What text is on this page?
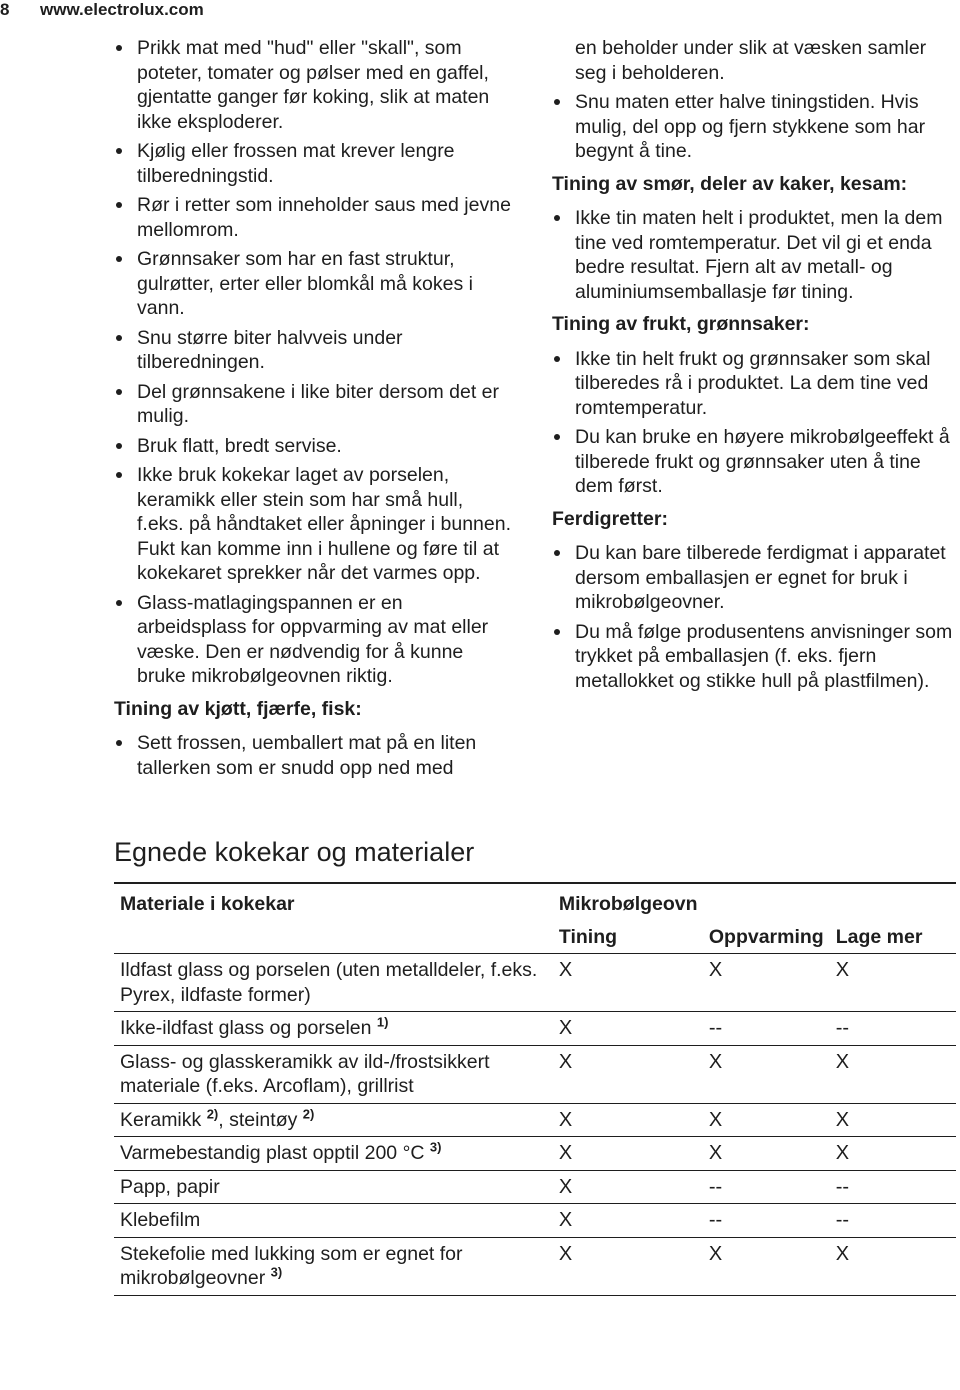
8 www.electrolux.com
Prikk mat med "hud" eller "skall", som poteter, tomater og pølser med en gaffel, gjentatte ganger før koking, slik at maten ikke eksploderer.
Kjølig eller frossen mat krever lengre tilberedningstid.
Rør i retter som inneholder saus med jevne mellomrom.
Grønnsaker som har en fast struktur, gulrøtter, erter eller blomkål må kokes i vann.
Snu større biter halvveis under tilberedningen.
Del grønnsakene i like biter dersom det er mulig.
Bruk flatt, bredt servise.
Ikke bruk kokekar laget av porselen, keramikk eller stein som har små hull, f.eks. på håndtaket eller åpninger i bunnen. Fukt kan komme inn i hullene og føre til at kokekaret sprekker når det varmes opp.
Glass-matlagingspannen er en arbeidsplass for oppvarming av mat eller væske. Den er nødvendig for å kunne bruke mikrobølgeovnen riktig.
Tining av kjøtt, fjærfe, fisk:
Sett frossen, uemballert mat på en liten tallerken som er snudd opp ned med
en beholder under slik at væsken samler seg i beholderen.
Snu maten etter halve tiningstiden. Hvis mulig, del opp og fjern stykkene som har begynt å tine.
Tining av smør, deler av kaker, kesam:
Ikke tin maten helt i produktet, men la dem tine ved romtemperatur. Det vil gi et enda bedre resultat. Fjern alt av metall- og aluminiumsemballasje før tining.
Tining av frukt, grønnsaker:
Ikke tin helt frukt og grønnsaker som skal tilberedes rå i produktet. La dem tine ved romtemperatur.
Du kan bruke en høyere mikrobølgeeffekt å tilberede frukt og grønnsaker uten å tine dem først.
Ferdigretter:
Du kan bare tilberede ferdigmat i apparatet dersom emballasjen er egnet for bruk i mikrobølgeovner.
Du må følge produsentens anvisninger som trykket på emballasjen (f. eks. fjern metallokket og stikke hull på plastfilmen).
Egnede kokekar og materialer
Materiale i kokekar	Mikrobølgeovn		
	Tining	Oppvarming	Lage mer
Ildfast glass og porselen (uten metalldeler, f.eks. Pyrex, ildfaste former)	X	X	X
Ikke-ildfast glass og porselen $^{1)}$	X	--	--
Glass- og glasskeramikk av ild-/frostsikkert materiale (f.eks. Arcoflam), grillrist	X	X	X
Keramikk $^{2)}$, steintøy $^{2)}$	X	X	X
Varmebestandig plast opptil 200 °C $^{3)}$	X	X	X
Papp, papir	X	--	--
Klebefilm	X	--	--
Stekefolie med lukking som er egnet for mikrobølgeovner $^{3)}$	X	X	X
